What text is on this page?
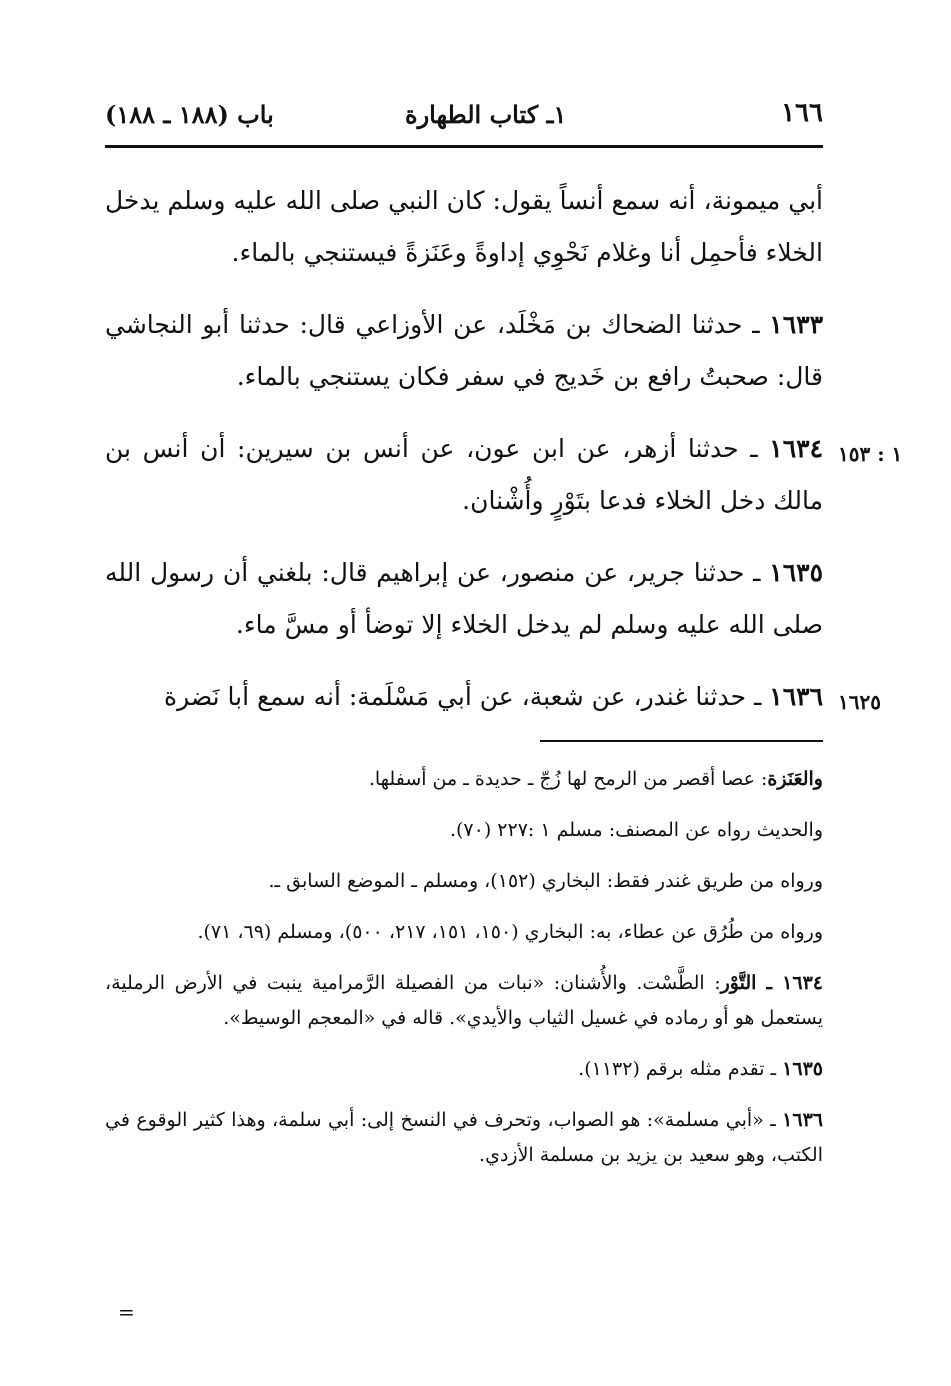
١٦٦
١ـ كتاب الطهارة
باب (١٨٨ ـ ١٨٨)

أبي ميمونة، أنه سمع أنساً يقول: كان النبي صلى الله عليه وسلم يدخل الخلاء فأحمِل أنا وغلام نَحْوِي إداوةً وعَنَزةً فيستنجي بالماء.

١٦٣٣ ـ حدثنا الضحاك بن مَخْلَد، عن الأوزاعي قال: حدثنا أبو النجاشي قال: صحبتُ رافع بن خَديج في سفر فكان يستنجي بالماء.

١٦٣٤ ـ حدثنا أزهر، عن ابن عون، عن أنس بن سيرين: أن أنس بن مالك دخل الخلاء فدعا بتَوْرٍ وأُشْنان.

١٦٣٥ ـ حدثنا جرير، عن منصور، عن إبراهيم قال: بلغني أن رسول الله صلى الله عليه وسلم لم يدخل الخلاء إلا توضأ أو مسَّ ماء.

١٦٣٦ ـ حدثنا غندر، عن شعبة، عن أبي مَسْلَمة: أنه سمع أبا نَضرة

١ : ١٥٣
١٦٢٥

والعَنَزة: عصا أقصر من الرمح لها زُجّ ـ حديدة ـ من أسفلها.

والحديث رواه عن المصنف: مسلم ١ :٢٢٧ (٧٠).

ورواه من طريق غندر فقط: البخاري (١٥٢)، ومسلم ـ الموضع السابق ـ.

ورواه من طُرُق عن عطاء، به: البخاري (١٥٠، ١٥١، ٢١٧، ٥٠٠)، ومسلم (٦٩، ٧١).

١٦٣٤ ـ التَّوْر: الطَّسْت. والأُشنان: «نبات من الفصيلة الرَّمرامية ينبت في الأرض الرملية، يستعمل هو أو رماده في غسيل الثياب والأيدي». قاله في «المعجم الوسيط».

١٦٣٥ ـ تقدم مثله برقم (١١٣٢).

١٦٣٦ ـ «أبي مسلمة»: هو الصواب، وتحرف في النسخ إلى: أبي سلمة، وهذا كثير الوقوع في الكتب، وهو سعيد بن يزيد بن مسلمة الأزدي.

=
